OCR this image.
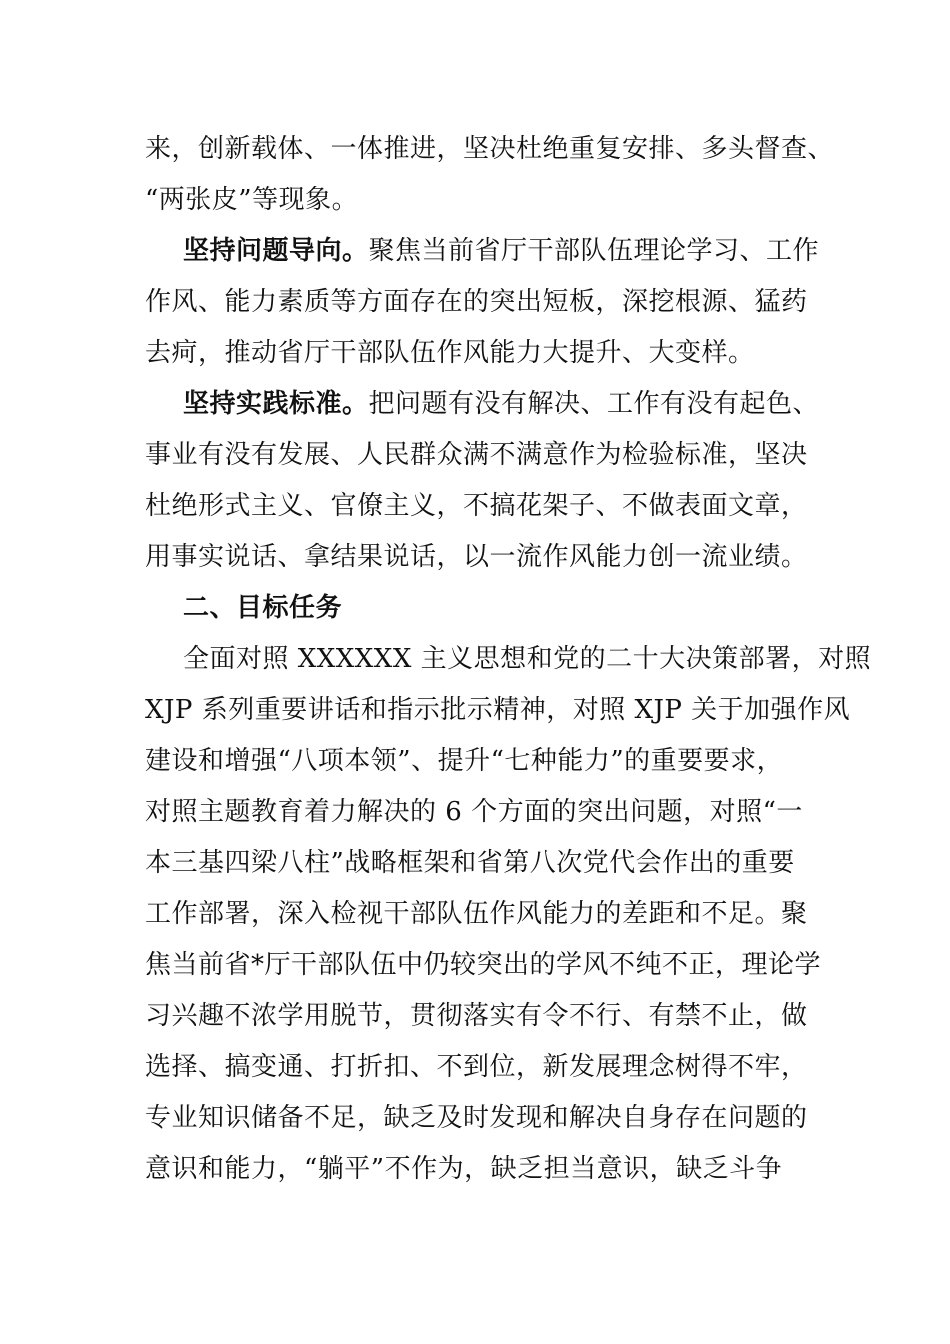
来，创新载体、一体推进，坚决杜绝重复安排、多头督查、
“两张皮”等现象。
坚持问题导向。聚焦当前省厅干部队伍理论学习、工作
作风、能力素质等方面存在的突出短板，深挖根源、猛药
去疴，推动省厅干部队伍作风能力大提升、大变样。
坚持实践标准。把问题有没有解决、工作有没有起色、
事业有没有发展、人民群众满不满意作为检验标准，坚决
杜绝形式主义、官僚主义，不搞花架子、不做表面文章，
用事实说话、拿结果说话，以一流作风能力创一流业绩。
二、目标任务
全面对照 XXXXXX 主义思想和党的二十大决策部署，对照
XJP 系列重要讲话和指示批示精神，对照 XJP 关于加强作风
建设和增强“八项本领”、提升“七种能力”的重要要求，
对照主题教育着力解决的 6 个方面的突出问题，对照“一
本三基四梁八柱”战略框架和省第八次党代会作出的重要
工作部署，深入检视干部队伍作风能力的差距和不足。聚
焦当前省*厅干部队伍中仍较突出的学风不纯不正，理论学
习兴趣不浓学用脱节，贯彻落实有令不行、有禁不止，做
选择、搞变通、打折扣、不到位，新发展理念树得不牢，
专业知识储备不足，缺乏及时发现和解决自身存在问题的
意识和能力，“躺平”不作为，缺乏担当意识，缺乏斗争
